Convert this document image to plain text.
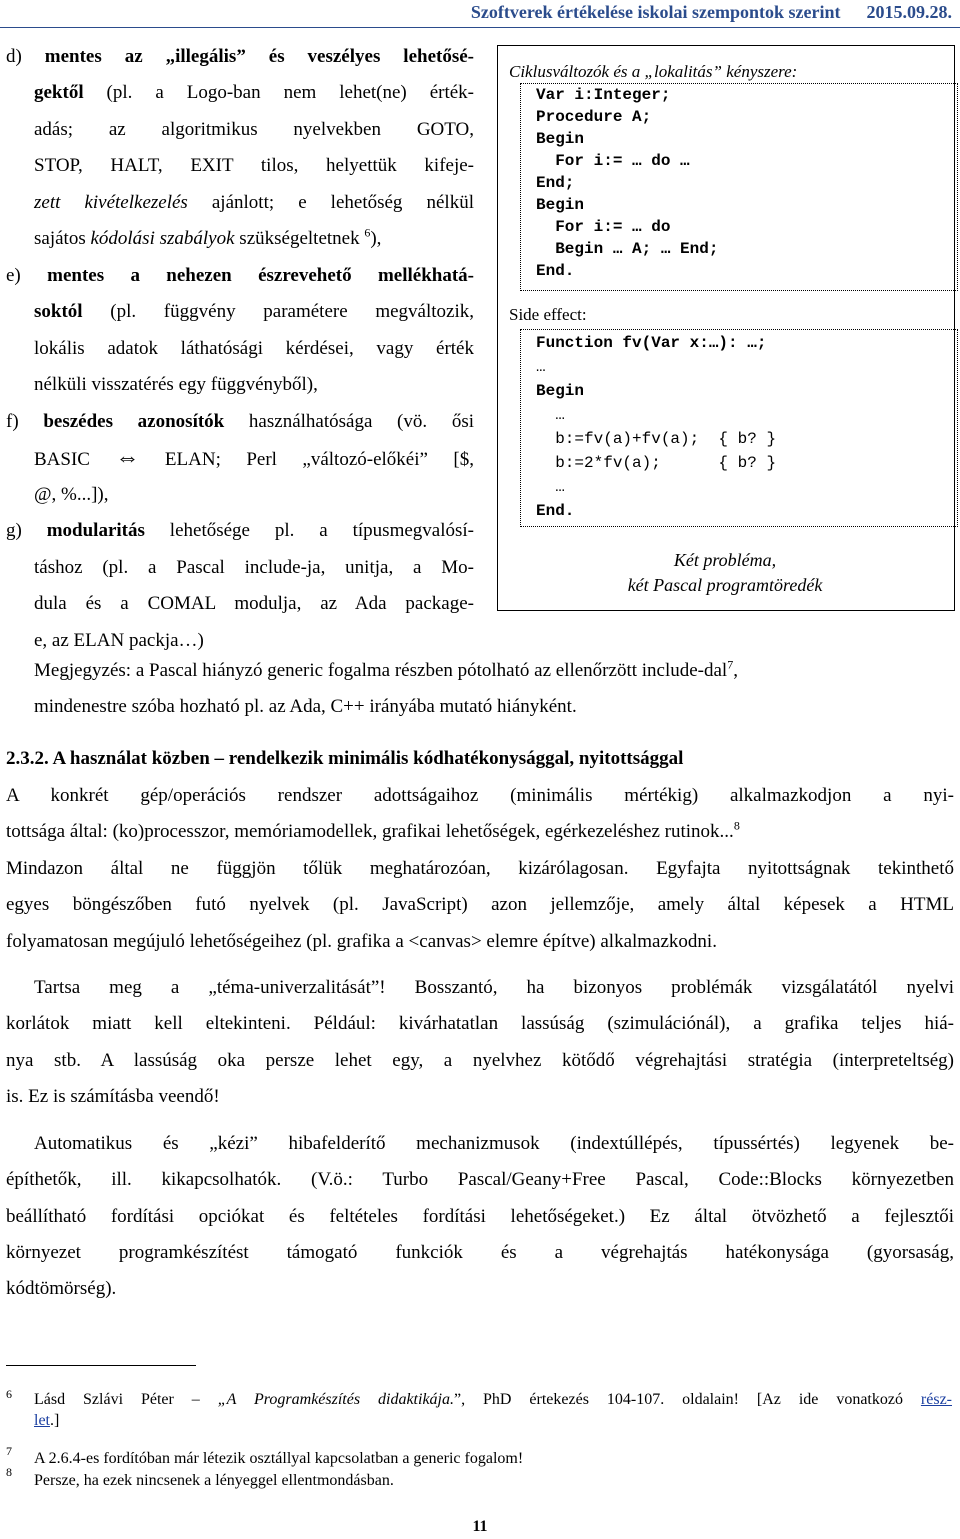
Szoftverek értékelése iskolai szempontok szerint 2015.09.28.
d) mentes az „illegális” és veszélyes lehetősé-
gektől (pl. a Logo-ban nem lehet(ne) érték-
adás; az algoritmikus nyelvekben GOTO,
STOP, HALT, EXIT tilos, helyettük kifeje-
zett kivételkezelés ajánlott; e lehetőség nélkül
sajátos kódolási szabályok szükségeltetnek $^6$),
e) mentes a nehezen észrevehető mellékhatá-
soktól (pl. függvény paramétere megváltozik,
lokális adatok láthatósági kérdései, vagy érték
nélküli visszatérés egy függvényből),
f) beszédes azonosítók használhatósága (vö. ősi
BASIC ⇔ ELAN; Perl „változó-előkéi” [$,
@, %...]),
g) modularitás lehetősége pl. a típusmegvalósí-
táshoz (pl. a Pascal include-ja, unitja, a Mo-
dula és a COMAL modulja, az Ada package-
e, az ELAN packja…)
Ciklusváltozók és a „lokalitás” kényszere:
Var i:Integer;
Procedure A;
Begin
For i:= … do …
End;
Begin
For i:= … do
Begin … A; … End;
End.
Side effect:
Function fv(Var x:…): …;
…
Begin
…
b:=fv(a)+fv(a);  { b? }
b:=2*fv(a);      { b? }
…
End.
Két probléma,
két Pascal programtöredék
Megjegyzés: a Pascal hiányzó generic fogalma részben pótolható az ellenőrzött include-dal$^7$,
mindenestre szóba hozható pl. az Ada, C++ irányába mutató hiányként.
2.3.2. A használat közben – rendelkezik minimális kódhatékonysággal, nyitottsággal
A konkrét gép/operációs rendszer adottságaihoz (minimális mértékig) alkalmazkodjon a nyi-
tottsága által: (ko)processzor, memóriamodellek, grafikai lehetőségek, egérkezeléshez rutinok...$^8$
Mindazon által ne függjön tőlük meghatározóan, kizárólagosan. Egyfajta nyitottságnak tekinthető
egyes böngészőben futó nyelvek (pl. JavaScript) azon jellemzője, amely által képesek a HTML
folyamatosan megújuló lehetőségeihez (pl. grafika a <canvas> elemre építve) alkalmazkodni.
Tartsa meg a „téma-univerzalitását”! Bosszantó, ha bizonyos problémák vizsgálatától nyelvi
korlátok miatt kell eltekinteni. Például: kivárhatatlan lassúság (szimulációnál), a grafika teljes hiá-
nya stb. A lassúság oka persze lehet egy, a nyelvhez kötődő végrehajtási stratégia (interpreteltség)
is. Ez is számításba veendő!
Automatikus és „kézi” hibafelderítő mechanizmusok (indextúllépés, típussértés) legyenek be-
építhetők, ill. kikapcsolhatók. (V.ö.: Turbo Pascal/Geany+Free Pascal, Code::Blocks környezetben
beállítható fordítási opciókat és feltételes fordítási lehetőségeket.) Ez által ötvözhető a fejlesztői
környezet programkészítést támogató funkciók és a végrehajtás hatékonysága (gyorsaság,
kódtömörség).
6 Lásd Szlávi Péter – „A Programkészítés didaktikája.”, PhD értekezés 104-107. oldalain! [Az ide vonatkozó rész-
let.]
7 A 2.6.4-es fordítóban már létezik osztállyal kapcsolatban a generic fogalom!
8 Persze, ha ezek nincsenek a lényeggel ellentmondásban.
11
